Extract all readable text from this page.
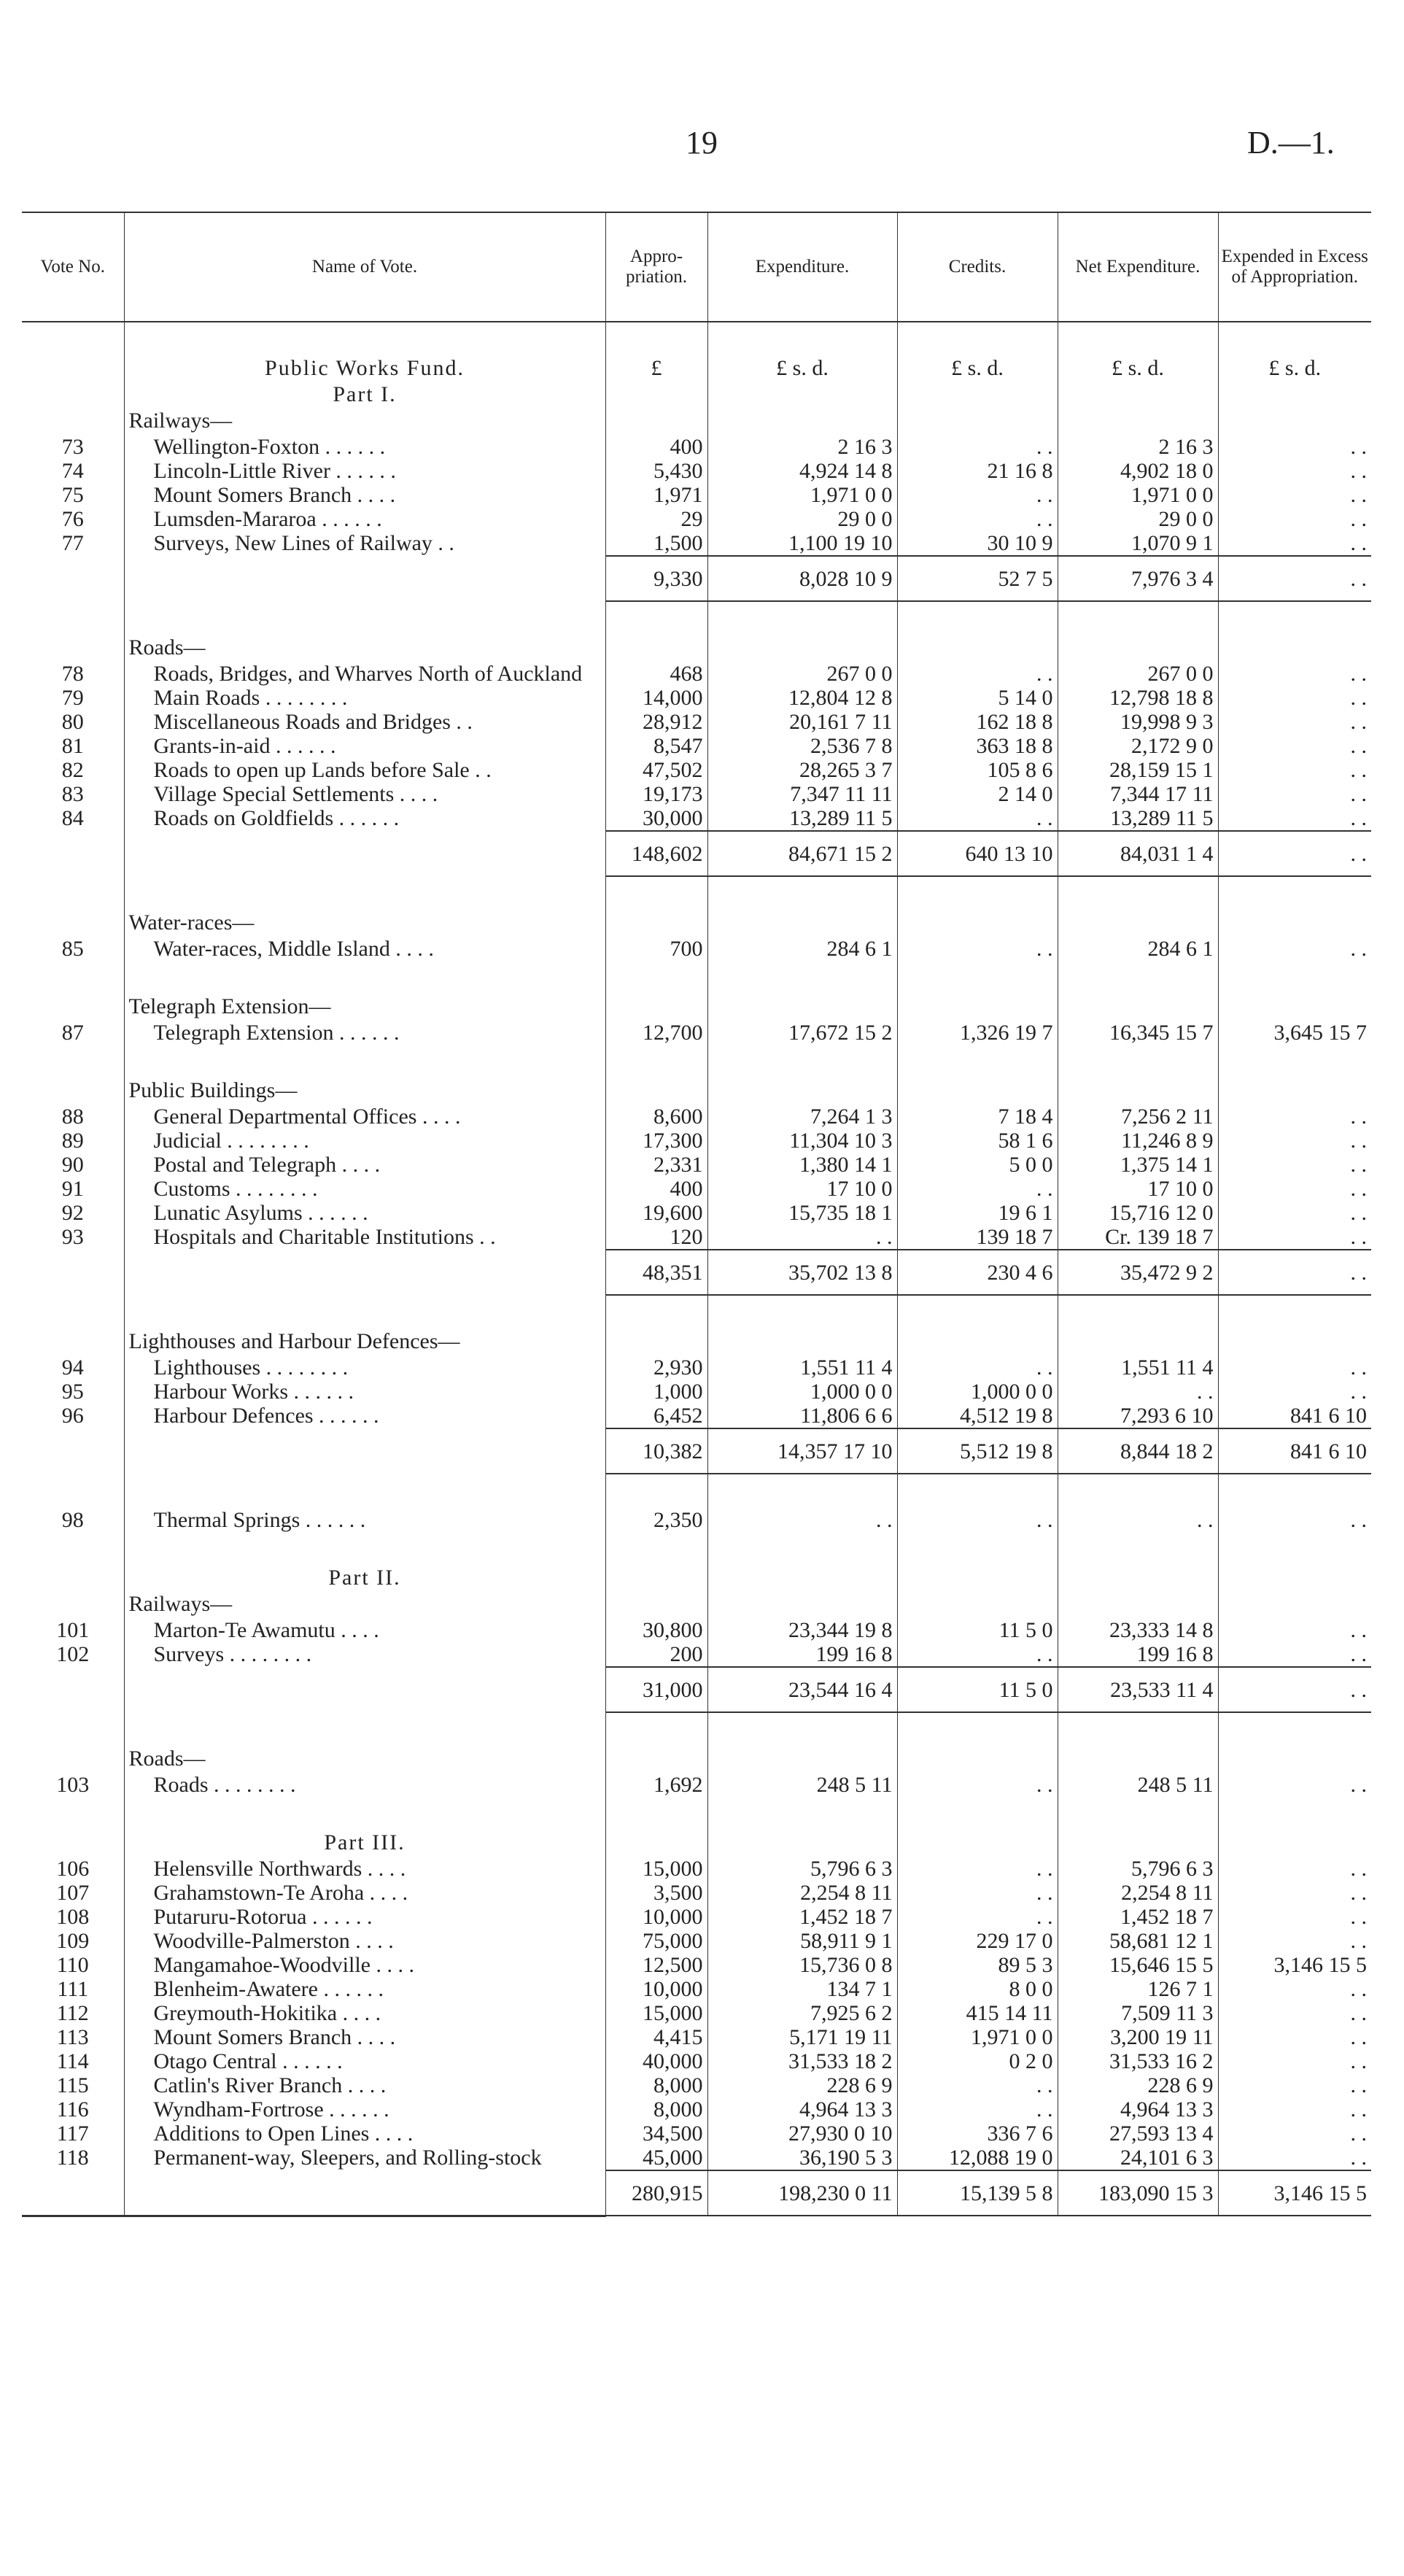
19	D.—1.
Vote No.	Name of Vote.	Appro-priation.	Expenditure.	Credits.	Net Expenditure.	Expended in Excess of Appropriation.

	Public Works Fund.	£	£ s. d.	£ s. d.	£ s. d.	£ s. d.
	Part I.					
	Railways—					
73	Wellington-Foxton . . . . . .	400	2 16 3	. .	2 16 3	. .
74	Lincoln-Little River . . . . . .	5,430	4,924 14 8	21 16 8	4,902 18 0	. .
75	Mount Somers Branch . . . .	1,971	1,971 0 0	. .	1,971 0 0	. .
76	Lumsden-Mararoa . . . . . .	29	29 0 0	. .	29 0 0	. .
77	Surveys, New Lines of Railway . .	1,500	1,100 19 10	30 10 9	1,070 9 1	. .
		9,330	8,028 10 9	52 7 5	7,976 3 4	. .

	Roads—					
78	Roads, Bridges, and Wharves North of Auckland	468	267 0 0	. .	267 0 0	. .
79	Main Roads . . . . . . . .	14,000	12,804 12 8	5 14 0	12,798 18 8	. .
80	Miscellaneous Roads and Bridges . .	28,912	20,161 7 11	162 18 8	19,998 9 3	. .
81	Grants-in-aid . . . . . .	8,547	2,536 7 8	363 18 8	2,172 9 0	. .
82	Roads to open up Lands before Sale . .	47,502	28,265 3 7	105 8 6	28,159 15 1	. .
83	Village Special Settlements . . . .	19,173	7,347 11 11	2 14 0	7,344 17 11	. .
84	Roads on Goldfields . . . . . .	30,000	13,289 11 5	. .	13,289 11 5	. .
		148,602	84,671 15 2	640 13 10	84,031 1 4	. .

	Water-races—					
85	Water-races, Middle Island . . . .	700	284 6 1	. .	284 6 1	. .

	Telegraph Extension—					
87	Telegraph Extension . . . . . .	12,700	17,672 15 2	1,326 19 7	16,345 15 7	3,645 15 7

	Public Buildings—					
88	General Departmental Offices . . . .	8,600	7,264 1 3	7 18 4	7,256 2 11	. .
89	Judicial . . . . . . . .	17,300	11,304 10 3	58 1 6	11,246 8 9	. .
90	Postal and Telegraph . . . .	2,331	1,380 14 1	5 0 0	1,375 14 1	. .
91	Customs . . . . . . . .	400	17 10 0	. .	17 10 0	. .
92	Lunatic Asylums . . . . . .	19,600	15,735 18 1	19 6 1	15,716 12 0	. .
93	Hospitals and Charitable Institutions . .	120	. .	139 18 7	Cr. 139 18 7	. .
		48,351	35,702 13 8	230 4 6	35,472 9 2	. .

	Lighthouses and Harbour Defences—					
94	Lighthouses . . . . . . . .	2,930	1,551 11 4	. .	1,551 11 4	. .
95	Harbour Works . . . . . .	1,000	1,000 0 0	1,000 0 0	. .	. .
96	Harbour Defences . . . . . .	6,452	11,806 6 6	4,512 19 8	7,293 6 10	841 6 10
		10,382	14,357 17 10	5,512 19 8	8,844 18 2	841 6 10

98	Thermal Springs . . . . . .	2,350	. .	. .	. .	. .

	Part II.					
	Railways—					
101	Marton-Te Awamutu . . . .	30,800	23,344 19 8	11 5 0	23,333 14 8	. .
102	Surveys . . . . . . . .	200	199 16 8	. .	199 16 8	. .
		31,000	23,544 16 4	11 5 0	23,533 11 4	. .

	Roads—					
103	Roads . . . . . . . .	1,692	248 5 11	. .	248 5 11	. .

	Part III.					
106	Helensville Northwards . . . .	15,000	5,796 6 3	. .	5,796 6 3	. .
107	Grahamstown-Te Aroha . . . .	3,500	2,254 8 11	. .	2,254 8 11	. .
108	Putaruru-Rotorua . . . . . .	10,000	1,452 18 7	. .	1,452 18 7	. .
109	Woodville-Palmerston . . . .	75,000	58,911 9 1	229 17 0	58,681 12 1	. .
110	Mangamahoe-Woodville . . . .	12,500	15,736 0 8	89 5 3	15,646 15 5	3,146 15 5
111	Blenheim-Awatere . . . . . .	10,000	134 7 1	8 0 0	126 7 1	. .
112	Greymouth-Hokitika . . . .	15,000	7,925 6 2	415 14 11	7,509 11 3	. .
113	Mount Somers Branch . . . .	4,415	5,171 19 11	1,971 0 0	3,200 19 11	. .
114	Otago Central . . . . . .	40,000	31,533 18 2	0 2 0	31,533 16 2	. .
115	Catlin's River Branch . . . .	8,000	228 6 9	. .	228 6 9	. .
116	Wyndham-Fortrose . . . . . .	8,000	4,964 13 3	. .	4,964 13 3	. .
117	Additions to Open Lines . . . .	34,500	27,930 0 10	336 7 6	27,593 13 4	. .
118	Permanent-way, Sleepers, and Rolling-stock	45,000	36,190 5 3	12,088 19 0	24,101 6 3	. .
		280,915	198,230 0 11	15,139 5 8	183,090 15 3	3,146 15 5
